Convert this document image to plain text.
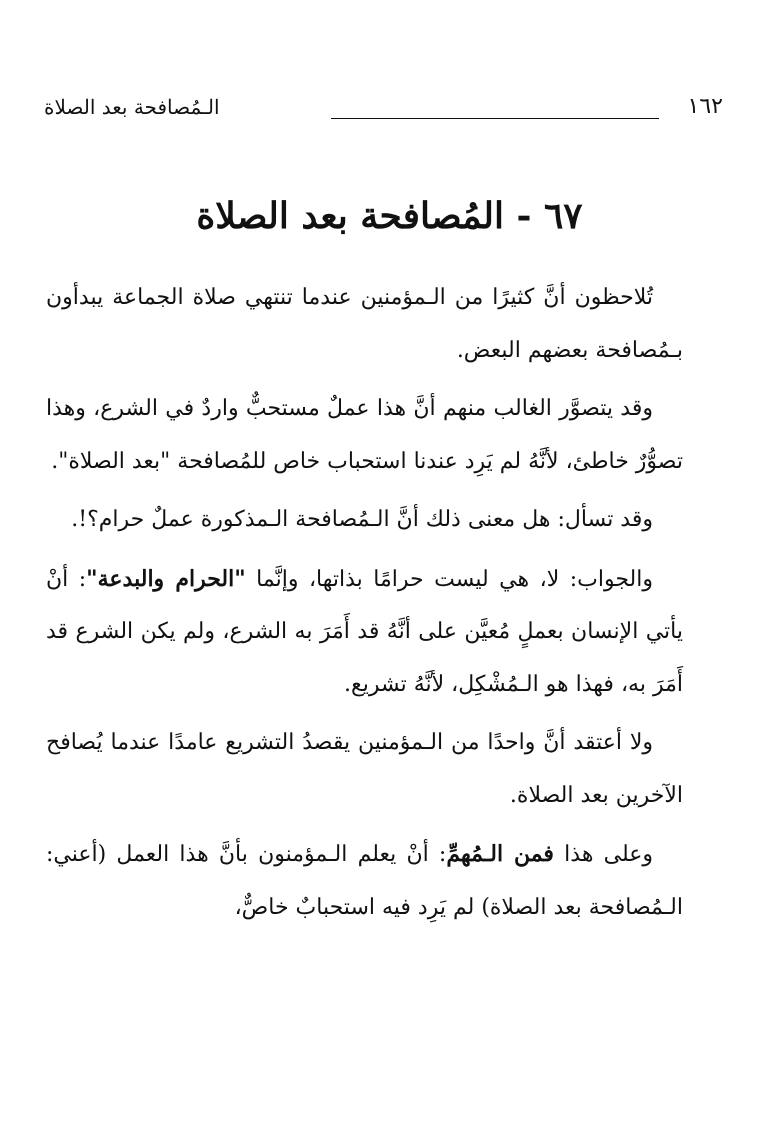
١٦٢
الـمُصافحة بعد الصلاة
٦٧ - المُصافحة بعد الصلاة

تُلاحظون أنَّ كثيرًا من الـمؤمنين عندما تنتهي صلاة الجماعة يبدأون بـمُصافحة بعضهم البعض.

وقد يتصوَّر الغالب منهم أنَّ هذا عملٌ مستحبٌّ واردٌ في الشرع، وهذا تصوُّرٌ خاطئ، لأنَّهُ لم يَرِد عندنا استحباب خاص للمُصافحة "بعد الصلاة".

وقد تسأل: هل معنى ذلك أنَّ الـمُصافحة الـمذكورة عملٌ حرام؟!.

والجواب: لا، هي ليست حرامًا بذاتها، وإنَّما "الحرام والبدعة": أنْ يأتي الإنسان بعملٍ مُعيَّن على أنَّهُ قد أَمَرَ به الشرع، ولم يكن الشرع قد أَمَرَ به، فهذا هو الـمُشْكِل، لأنَّهُ تشريع.

ولا أعتقد أنَّ واحدًا من الـمؤمنين يقصدُ التشريع عامدًا عندما يُصافح الآخرين بعد الصلاة.

وعلى هذا فمن الـمُهمِّ: أنْ يعلم الـمؤمنون بأنَّ هذا العمل (أعني: الـمُصافحة بعد الصلاة) لم يَرِد فيه استحبابٌ خاصٌّ،
